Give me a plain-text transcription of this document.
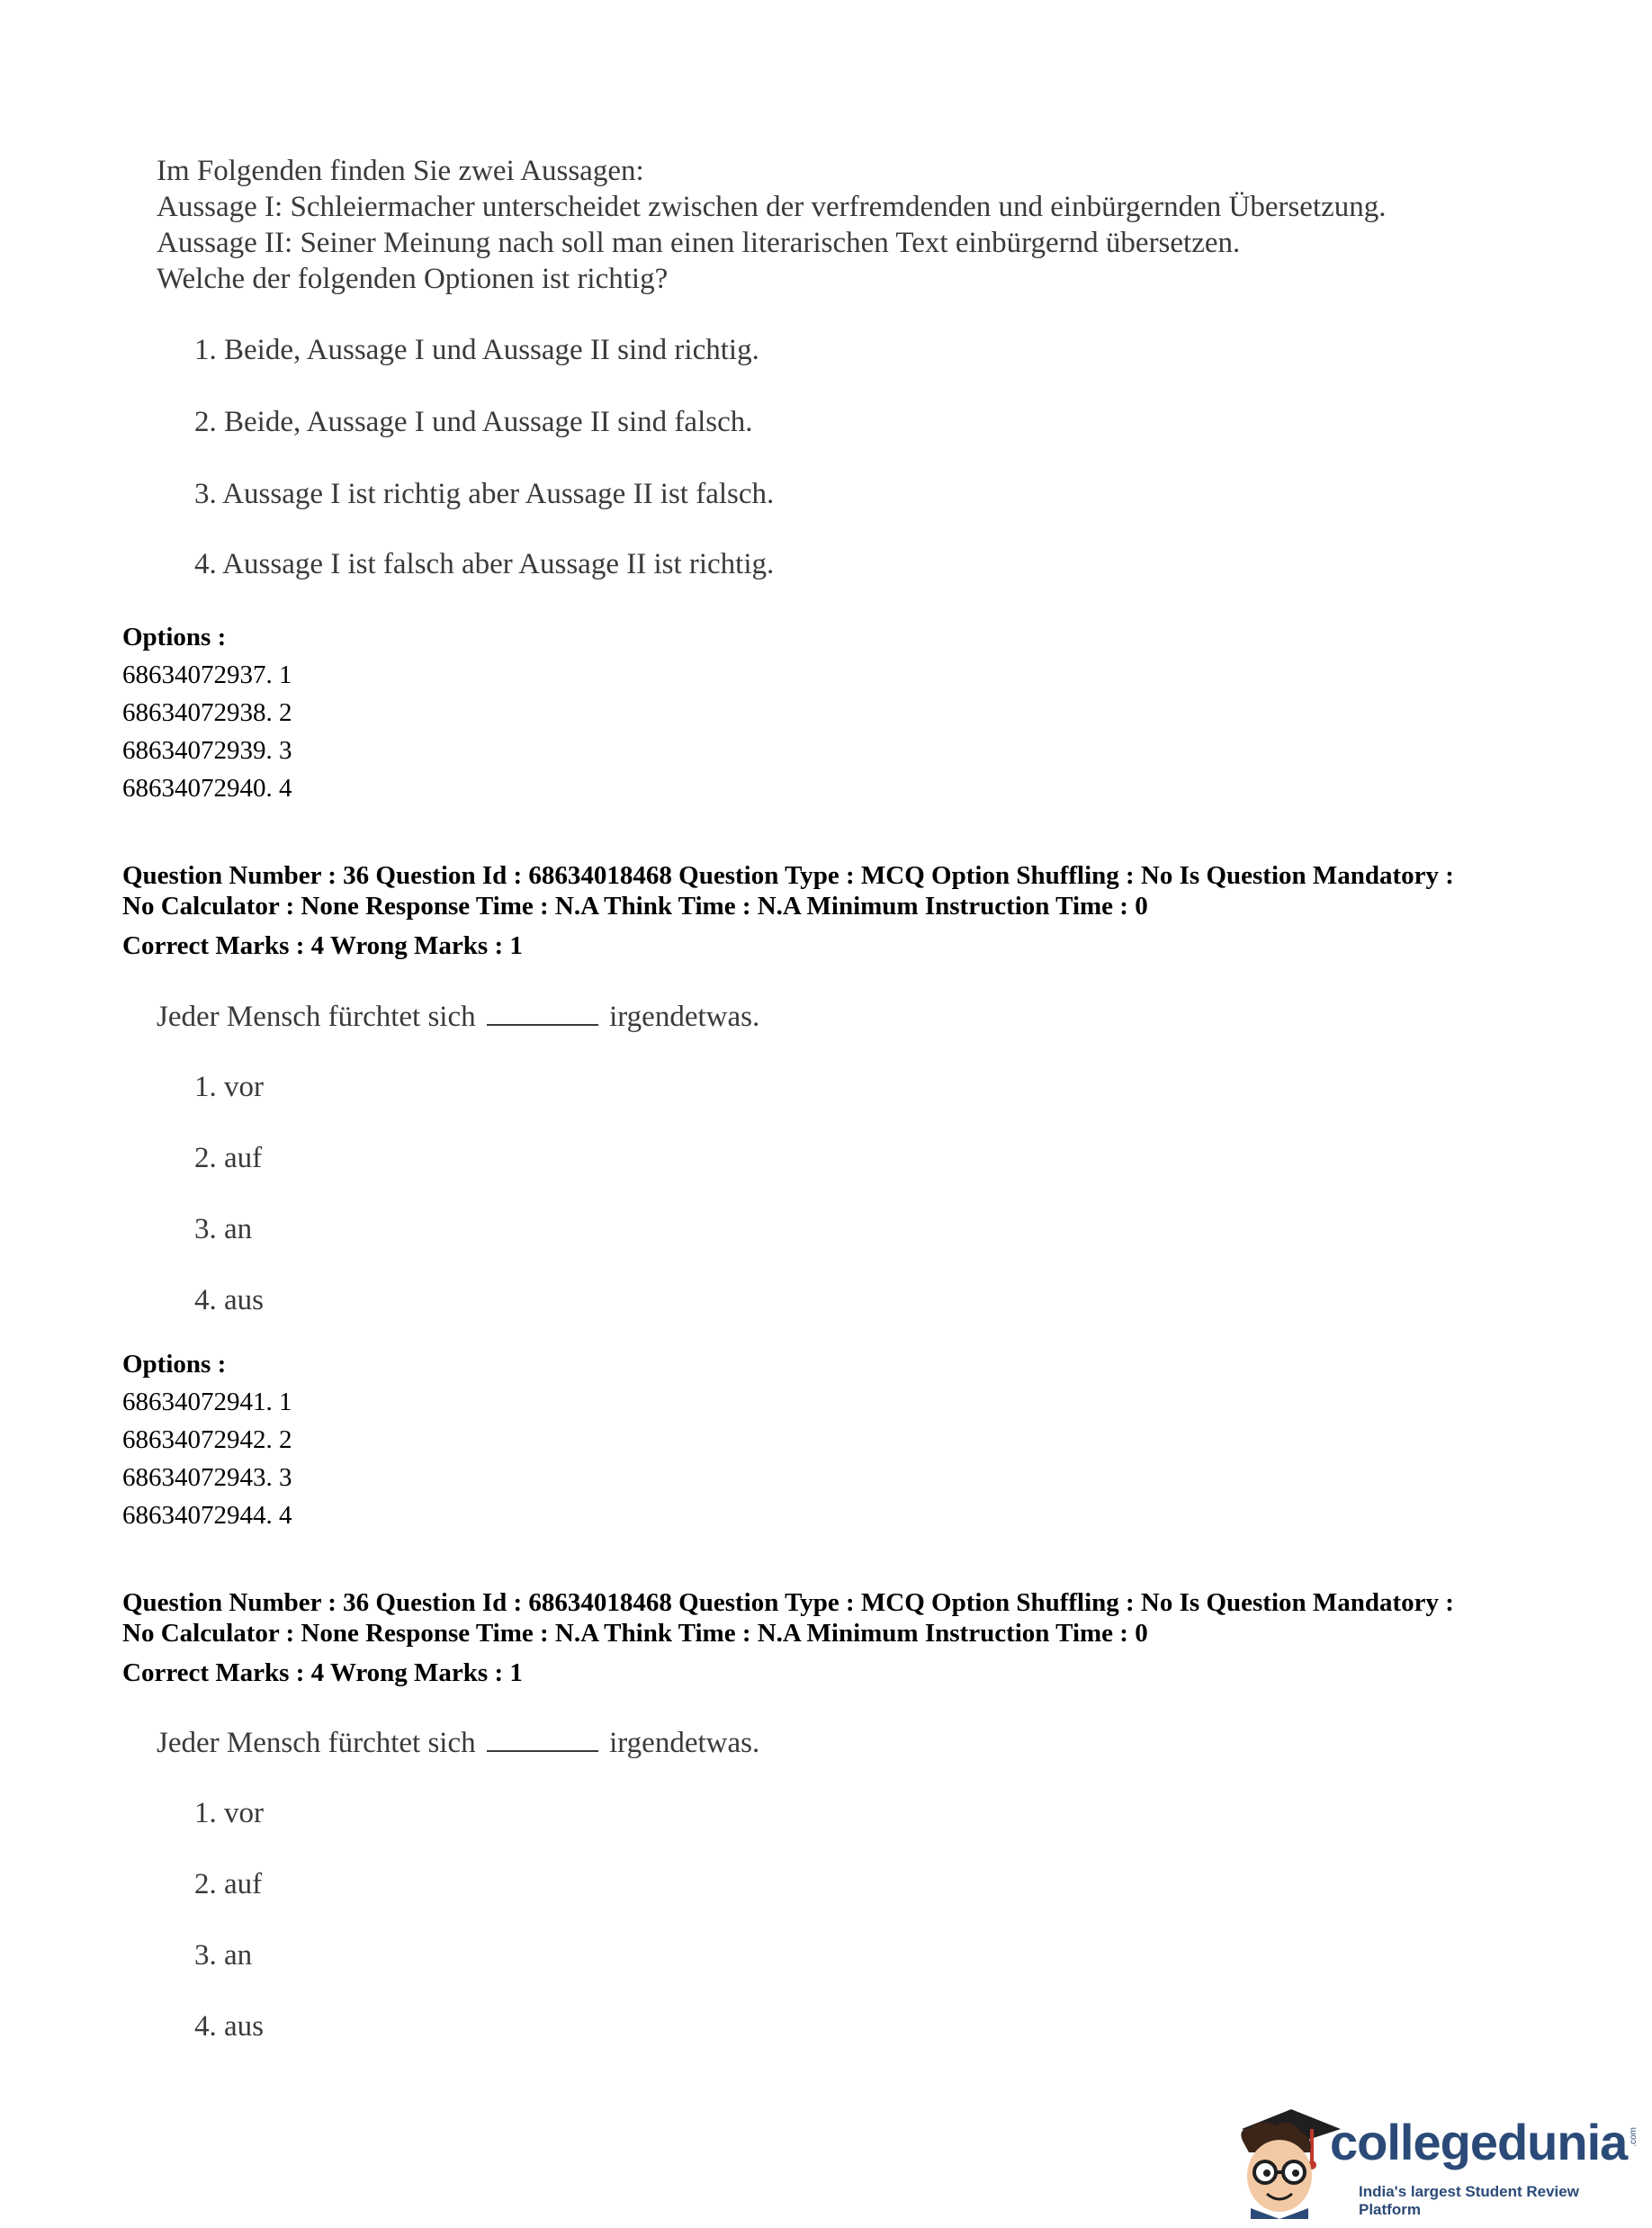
Im Folgenden finden Sie zwei Aussagen:
Aussage I: Schleiermacher unterscheidet zwischen der verfremdenden und einbürgernden Übersetzung.
Aussage II: Seiner Meinung nach soll man einen literarischen Text einbürgernd übersetzen.
Welche der folgenden Optionen ist richtig?
1. Beide, Aussage I und Aussage II sind richtig.
2. Beide, Aussage I und Aussage II sind falsch.
3. Aussage I ist richtig aber Aussage II ist falsch.
4. Aussage I ist falsch aber Aussage II ist richtig.
Options :
68634072937. 1
68634072938. 2
68634072939. 3
68634072940. 4
Question Number : 36 Question Id : 68634018468 Question Type : MCQ Option Shuffling : No Is Question Mandatory :
No Calculator : None Response Time : N.A Think Time : N.A Minimum Instruction Time : 0
Correct Marks : 4 Wrong Marks : 1
Jeder Mensch fürchtet sich	irgendetwas.
1. vor
2. auf
3. an
4. aus
Options :
68634072941. 1
68634072942. 2
68634072943. 3
68634072944. 4
Question Number : 36 Question Id : 68634018468 Question Type : MCQ Option Shuffling : No Is Question Mandatory :
No Calculator : None Response Time : N.A Think Time : N.A Minimum Instruction Time : 0
Correct Marks : 4 Wrong Marks : 1
Jeder Mensch fürchtet sich	irgendetwas.
1. vor
2. auf
3. an
4. aus
collegedunia .com
India's largest Student Review Platform
